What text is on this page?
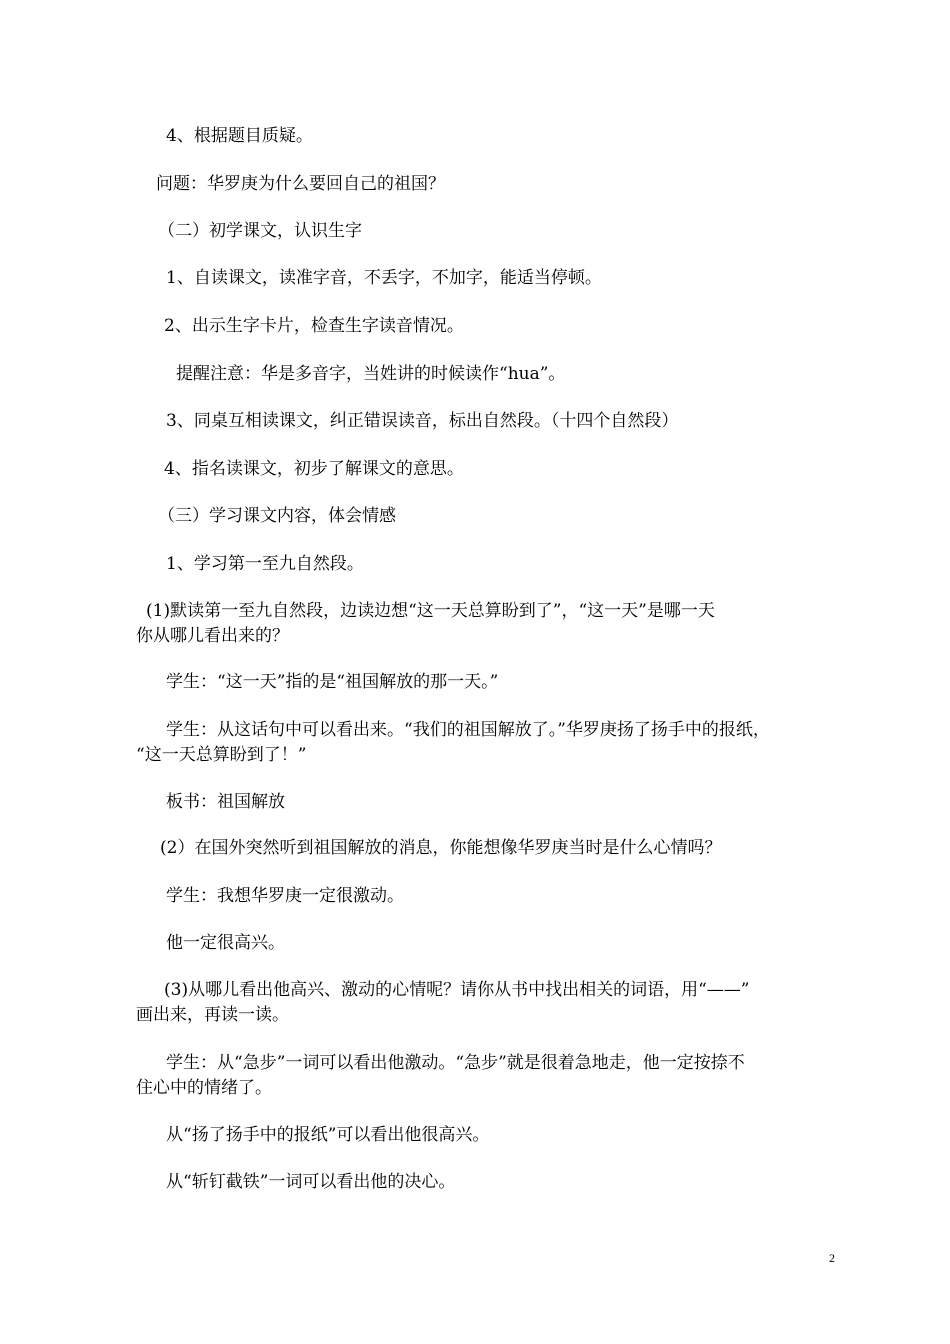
4、根据题目质疑。
问题：华罗庚为什么要回自己的祖国？
（二）初学课文，认识生字
1、自读课文，读准字音，不丢字，不加字，能适当停顿。
2、出示生字卡片，检查生字读音情况。
提醒注意：华是多音字，当姓讲的时候读作“hua”。
3、同桌互相读课文，纠正错误读音，标出自然段。（十四个自然段）
4、指名读课文，初步了解课文的意思。
（三）学习课文内容，体会情感
1、学习第一至九自然段。
(1)默读第一至九自然段，边读边想“这一天总算盼到了”，“这一天”是哪一天
你从哪儿看出来的？
学生：“这一天”指的是“祖国解放的那一天。”
学生：从这话句中可以看出来。“我们的祖国解放了。”华罗庚扬了扬手中的报纸，
“这一天总算盼到了！”
板书：祖国解放
(2）在国外突然听到祖国解放的消息，你能想像华罗庚当时是什么心情吗？
学生：我想华罗庚一定很激动。
他一定很高兴。
(3)从哪儿看出他高兴、激动的心情呢？请你从书中找出相关的词语，用“——”
画出来，再读一读。
学生：从“急步”一词可以看出他激动。“急步”就是很着急地走，他一定按捺不
住心中的情绪了。
从“扬了扬手中的报纸”可以看出他很高兴。
从“斩钉截铁”一词可以看出他的决心。
2
